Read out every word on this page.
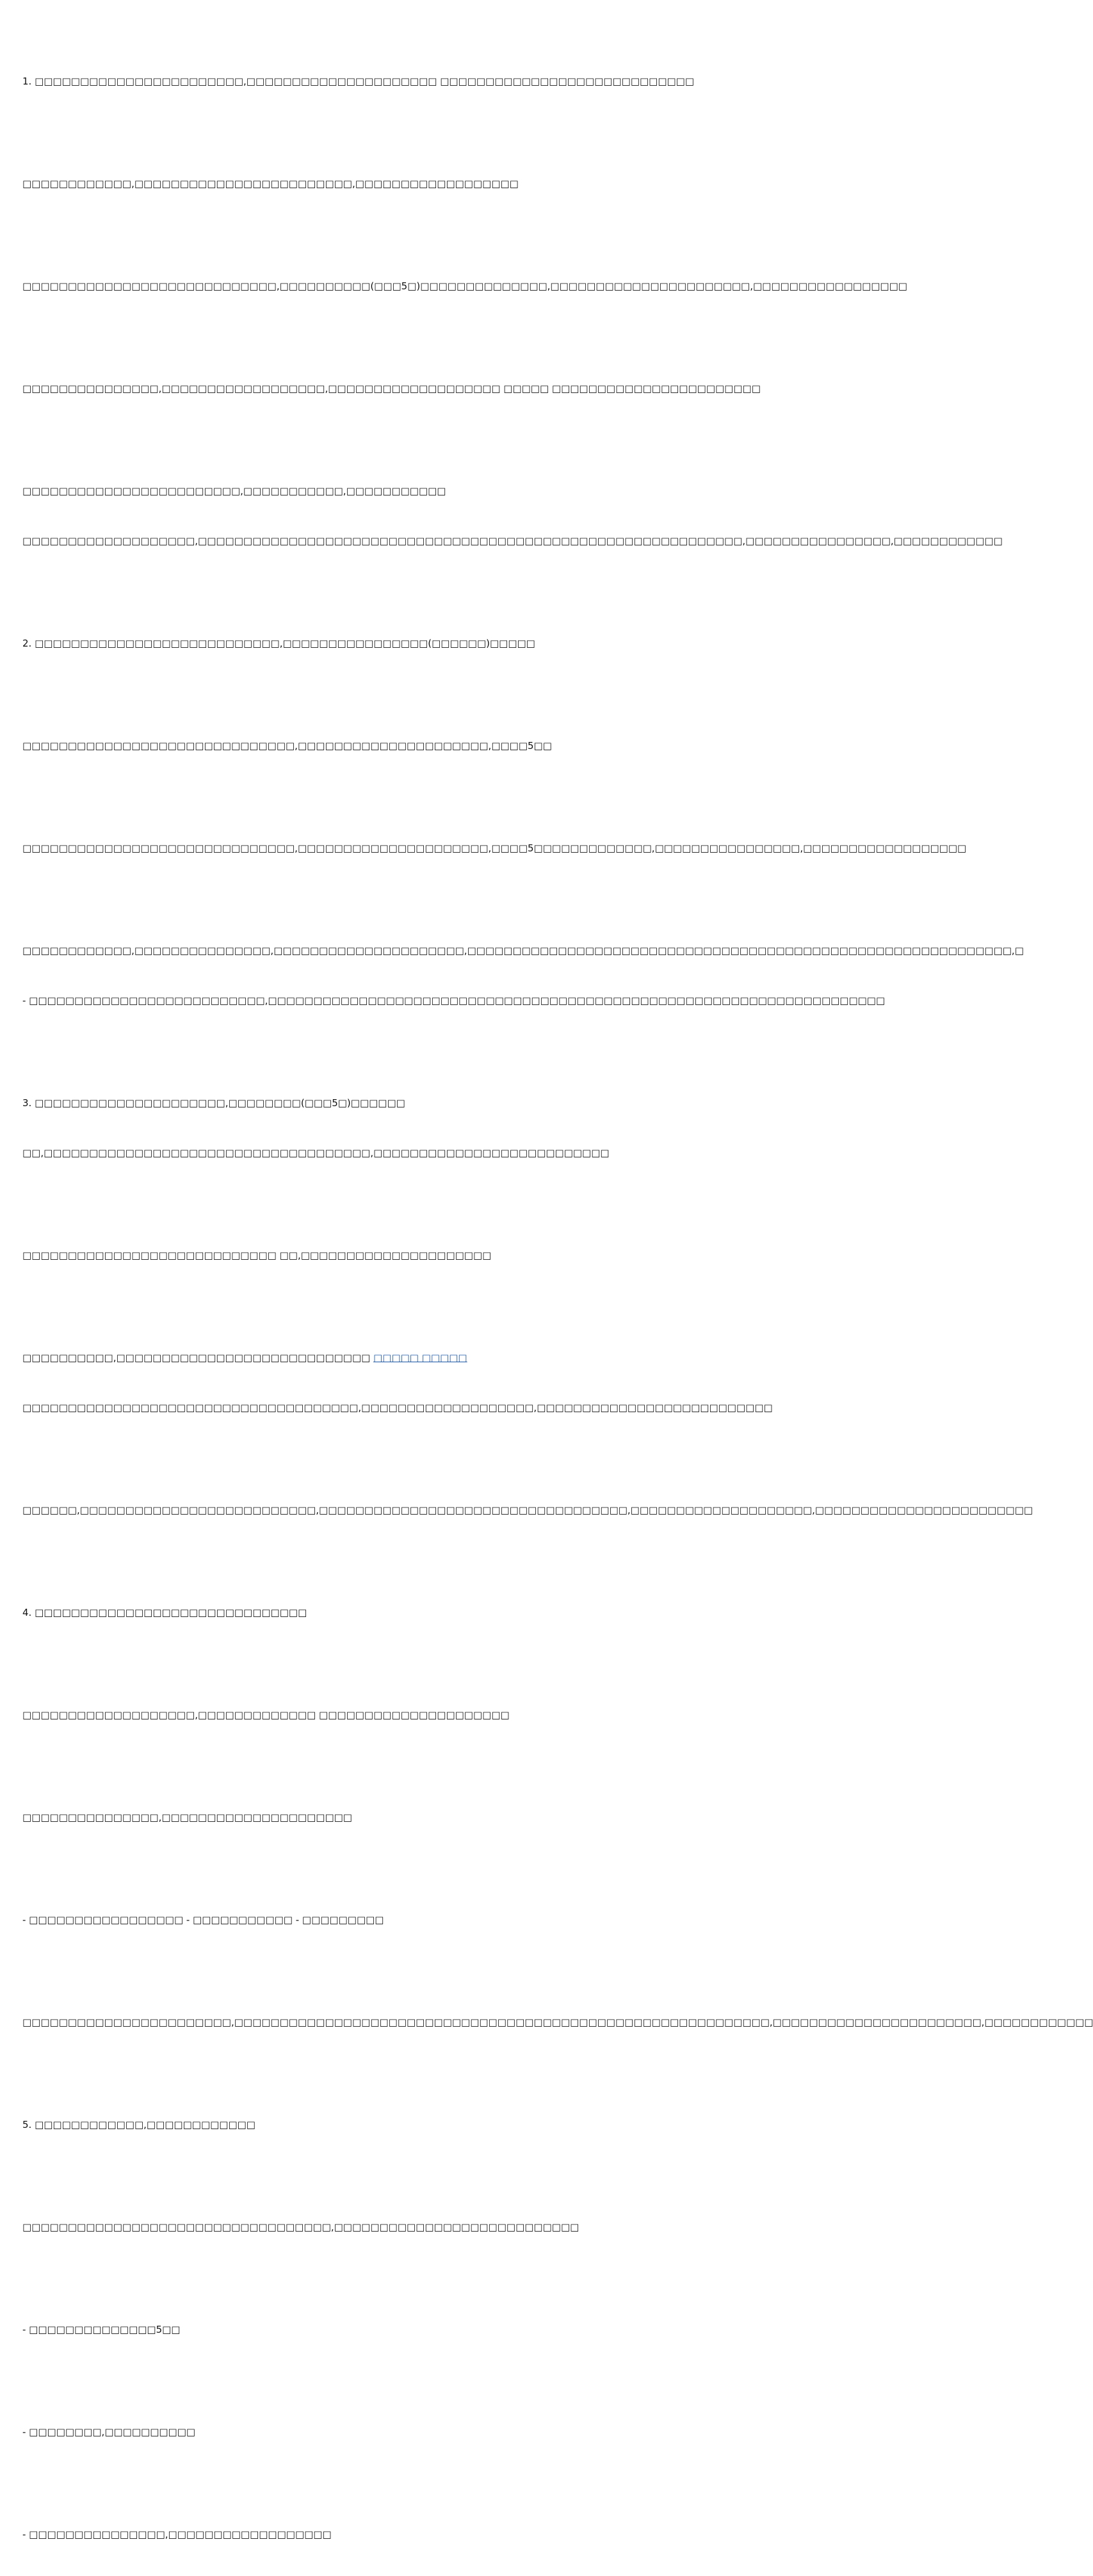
1. □□□□□□□□□□□□□□□□□□□□□□□,□□□□□□□□□□□□□□□□□□□□□ □□□□□□□□□□□□□□□□□□□□□□□□□□□□

□□□□□□□□□□□□,□□□□□□□□□□□□□□□□□□□□□□□□,□□□□□□□□□□□□□□□□□□

□□□□□□□□□□□□□□□□□□□□□□□□□□□□,□□□□□□□□□□(□□□5□)□□□□□□□□□□□□□□,□□□□□□□□□□□□□□□□□□□□□□,□□□□□□□□□□□□□□□□□

□□□□□□□□□□□□□□□,□□□□□□□□□□□□□□□□□□,□□□□□□□□□□□□□□□□□□□ □□□□□ □□□□□□□□□□□□□□□□□□□□□□□

□□□□□□□□□□□□□□□□□□□□□□□□,□□□□□□□□□□□,□□□□□□□□□□□

□□□□□□□□□□□□□□□□□□□,□□□□□□□□□□□□□□□□□□□□□□□□□□□□□□□□□□□□□□□□□□□□□□□□□□□□□□□□□□□□,□□□□□□□□□□□□□□□□,□□□□□□□□□□□□

2. □□□□□□□□□□□□□□□□□□□□□□□□□□□,□□□□□□□□□□□□□□□□(□□□□□□)□□□□□

□□□□□□□□□□□□□□□□□□□□□□□□□□□□□□,□□□□□□□□□□□□□□□□□□□□□,□□□□5□□

□□□□□□□□□□□□□□□□□□□□□□□□□□□□□□,□□□□□□□□□□□□□□□□□□□□□,□□□□5□□□□□□□□□□□□□,□□□□□□□□□□□□□□□□,□□□□□□□□□□□□□□□□□□

□□□□□□□□□□□□,□□□□□□□□□□□□□□□,□□□□□□□□□□□□□□□□□□□□□,□□□□□□□□□□□□□□□□□□□□□□□□□□□□□□□□□□□□□□□□□□□□□□□□□□□□□□□□□□□□,□

- □□□□□□□□□□□□□□□□□□□□□□□□□□,□□□□□□□□□□□□□□□□□□□□□□□□□□□□□□□□□□□□□□□□□□□□□□□□□□□□□□□□□□□□□□□□□□□□

3. □□□□□□□□□□□□□□□□□□□□□,□□□□□□□□(□□□5□)□□□□□□

□□,□□□□□□□□□□□□□□□□□□□□□□□□□□□□□□□□□□□□,□□□□□□□□□□□□□□□□□□□□□□□□□□

□□□□□□□□□□□□□□□□□□□□□□□□□□□□ □□,□□□□□□□□□□□□□□□□□□□□□

□□□□□□□□□□,□□□□□□□□□□□□□□□□□□□□□□□□□□□□ □□□□□ □□□□□

□□□□□□□□□□□□□□□□□□□□□□□□□□□□□□□□□□□□□,□□□□□□□□□□□□□□□□□□□,□□□□□□□□□□□□□□□□□□□□□□□□□□

□□□□□□,□□□□□□□□□□□□□□□□□□□□□□□□□□,□□□□□□□□□□□□□□□□□□□□□□□□□□□□□□□□□□,□□□□□□□□□□□□□□□□□□□□,□□□□□□□□□□□□□□□□□□□□□□□□

4. □□□□□□□□□□□□□□□□□□□□□□□□□□□□□□

□□□□□□□□□□□□□□□□□□□,□□□□□□□□□□□□□ □□□□□□□□□□□□□□□□□□□□□

□□□□□□□□□□□□□□□,□□□□□□□□□□□□□□□□□□□□□

- □□□□□□□□□□□□□□□□□ - □□□□□□□□□□□ - □□□□□□□□□

□□□□□□□□□□□□□□□□□□□□□□□,□□□□□□□□□□□□□□□□□□□□□□□□□□□□□□□□□□□□□□□□□□□□□□□□□□□□□□□□□□□,□□□□□□□□□□□□□□□□□□□□□□□,□□□□□□□□□□□□

5. □□□□□□□□□□□□,□□□□□□□□□□□□

□□□□□□□□□□□□□□□□□□□□□□□□□□□□□□□□□□,□□□□□□□□□□□□□□□□□□□□□□□□□□□

- □□□□□□□□□□□□□□5□□

- □□□□□□□□,□□□□□□□□□□

- □□□□□□□□□□□□□□□,□□□□□□□□□□□□□□□□□□
